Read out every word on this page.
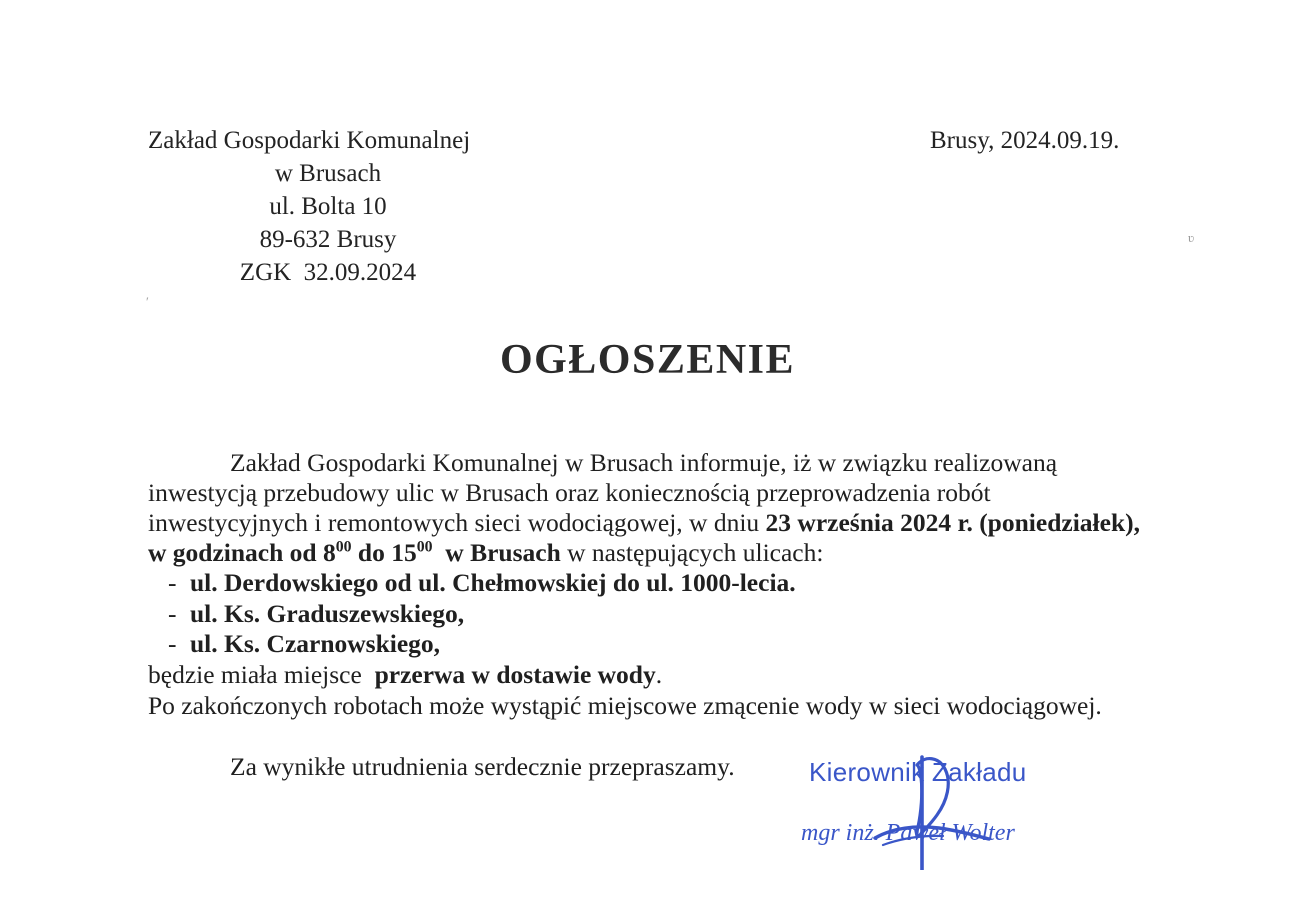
Zakład Gospodarki Komunalnej
w Brusach
ul. Bolta 10
89-632 Brusy
ZGK  32.09.2024
Brusy, 2024.09.19.
OGŁOSZENIE
Zakład Gospodarki Komunalnej w Brusach informuje, iż w związku realizowaną
inwestycją przebudowy ulic w Brusach oraz koniecznością przeprowadzenia robót
inwestycyjnych i remontowych sieci wodociągowej, w dniu 23 września 2024 r. (poniedziałek),
w godzinach od $8^{00}$ do $15^{00}$  w Brusach w następujących ulicach:
- ul. Derdowskiego od ul. Chełmowskiej do ul. 1000-lecia.
- ul. Ks. Graduszewskiego,
- ul. Ks. Czarnowskiego,
będzie miała miejsce  przerwa w dostawie wody.
Po zakończonych robotach może wystąpić miejscowe zmącenie wody w sieci wodociągowej.
Za wynikłe utrudnienia serdecznie przepraszamy.	Kierownik Zakładu
mgr inż. Paweł Wolter
ʹ
ʋ
